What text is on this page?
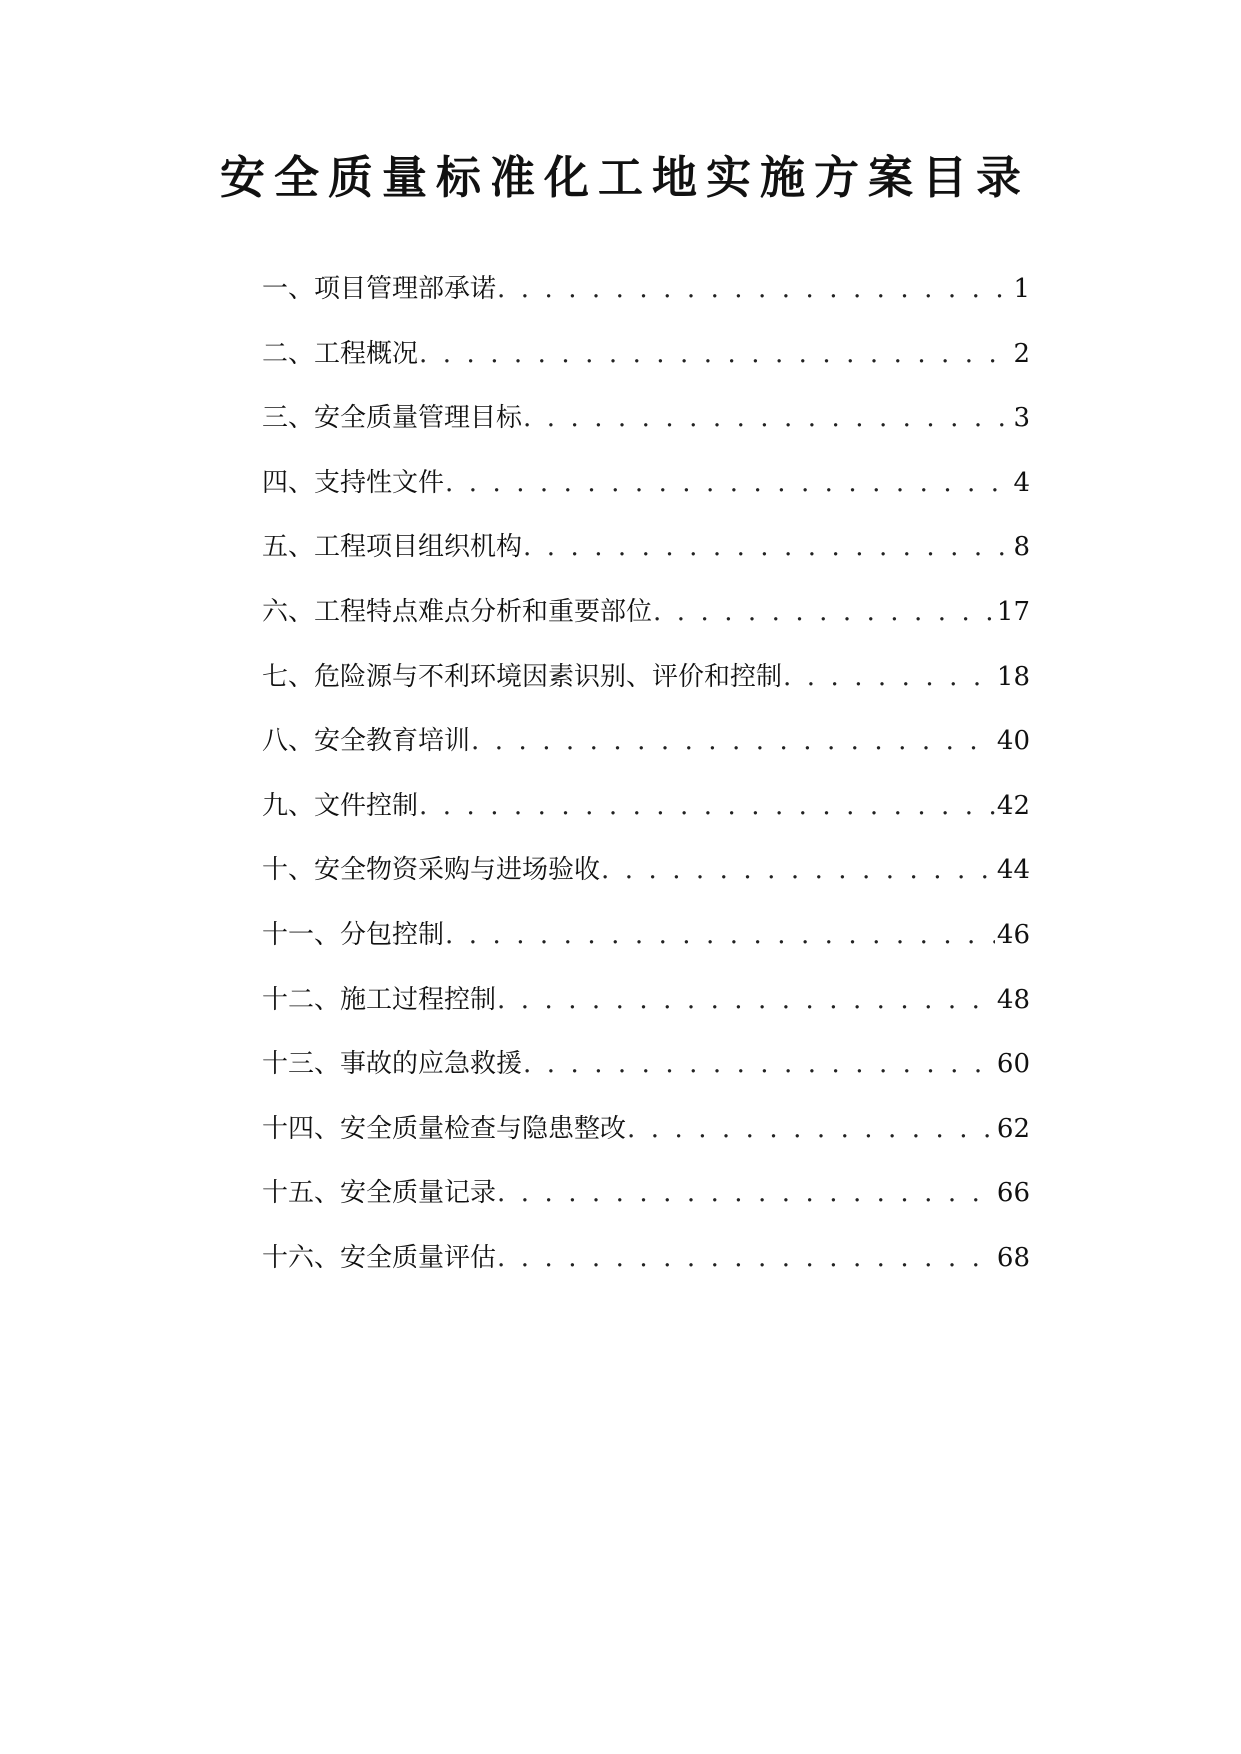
安全质量标准化工地实施方案目录
一、项目管理部承诺 . . .	1
二、工程概况 . . .	2
三、安全质量管理目标 . . .	3
四、支持性文件 . . .	4
五、工程项目组织机构 . . .	8
六、工程特点难点分析和重要部位 . . .	17
七、危险源与不利环境因素识别、评价和控制 . . .	18
八、安全教育培训 . . .	40
九、文件控制 . . .	42
十、安全物资采购与进场验收 . . .	44
十一、分包控制 . . .	46
十二、施工过程控制 . . .	48
十三、事故的应急救援 . . .	60
十四、安全质量检查与隐患整改 . . .	62
十五、安全质量记录 . . .	66
十六、安全质量评估 . . .	68
